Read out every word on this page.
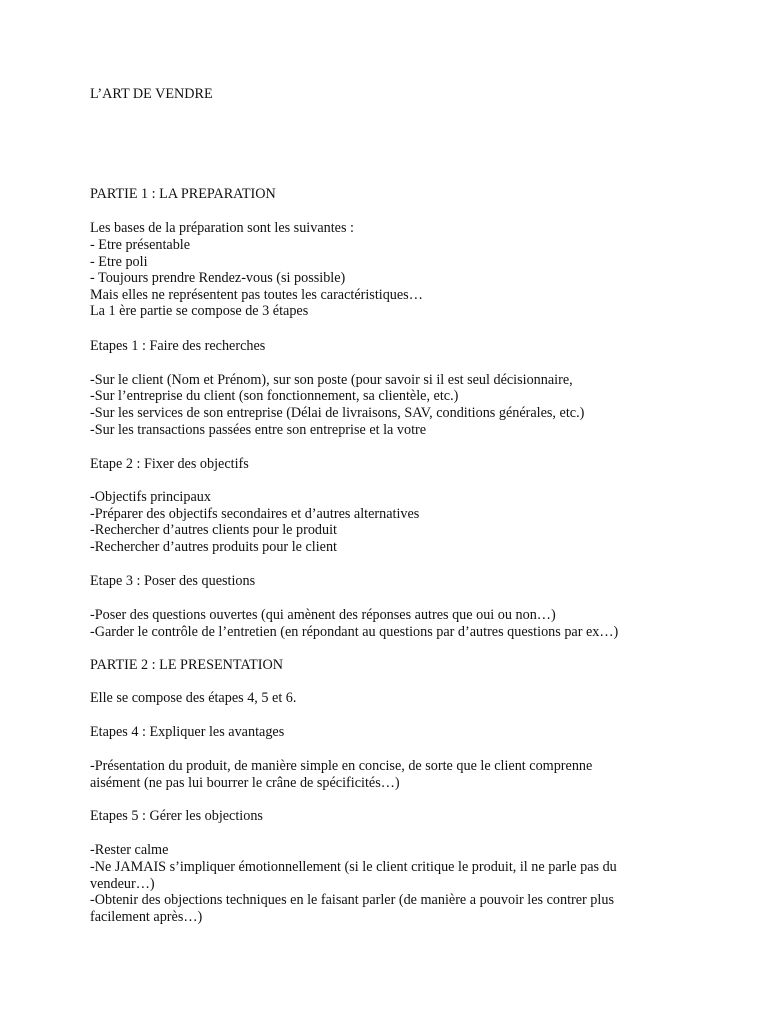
L’ART DE VENDRE

PARTIE 1 : LA PREPARATION

Les bases de la préparation sont les suivantes :

- Etre présentable

- Etre poli

- Toujours prendre Rendez-vous (si possible)

Mais elles ne représentent pas toutes les caractéristiques…

La 1 ère partie se compose de 3 étapes

Etapes 1 : Faire des recherches

-Sur le client (Nom et Prénom), sur son poste (pour savoir si il est seul décisionnaire,

-Sur l’entreprise du client (son fonctionnement, sa clientèle, etc.)

-Sur les services de son entreprise (Délai de livraisons, SAV, conditions générales, etc.)

-Sur les transactions passées entre son entreprise et la votre

Etape 2 : Fixer des objectifs

-Objectifs principaux

-Préparer des objectifs secondaires et d’autres alternatives

-Rechercher d’autres clients pour le produit

-Rechercher d’autres produits pour le client

Etape 3 : Poser des questions

-Poser des questions ouvertes (qui amènent des réponses autres que oui ou non…)

-Garder le contrôle de l’entretien (en répondant au questions par d’autres questions par ex…)

PARTIE 2 : LE PRESENTATION

Elle se compose des étapes 4, 5 et 6.

Etapes 4 : Expliquer les avantages

-Présentation du produit, de manière simple en concise, de sorte que le client comprenne

aisément (ne pas lui bourrer le crâne de spécificités…)

Etapes 5 : Gérer les objections

-Rester calme

-Ne JAMAIS s’impliquer émotionnellement (si le client critique le produit, il ne parle pas du

vendeur…)

-Obtenir des objections techniques en le faisant parler (de manière a pouvoir les contrer plus

facilement après…)
